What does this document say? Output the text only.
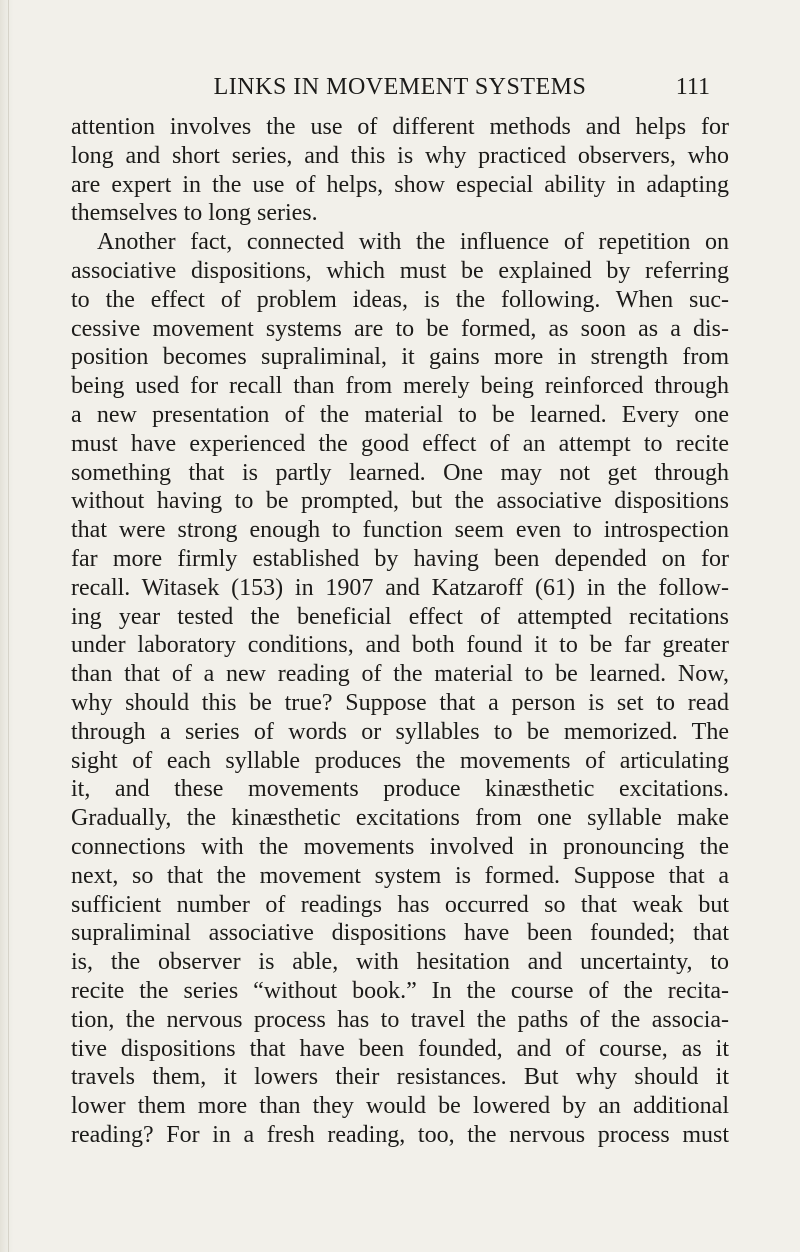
LINKS IN MOVEMENT SYSTEMS	111
attention involves the use of different methods and helps for
long and short series, and this is why practiced observers, who
are expert in the use of helps, show especial ability in adapting
themselves to long series.
Another fact, connected with the influence of repetition on
associative dispositions, which must be explained by referring
to the effect of problem ideas, is the following. When suc-
cessive movement systems are to be formed, as soon as a dis-
position becomes supraliminal, it gains more in strength from
being used for recall than from merely being reinforced through
a new presentation of the material to be learned. Every one
must have experienced the good effect of an attempt to recite
something that is partly learned. One may not get through
without having to be prompted, but the associative dispositions
that were strong enough to function seem even to introspection
far more firmly established by having been depended on for
recall. Witasek (153) in 1907 and Katzaroff (61) in the follow-
ing year tested the beneficial effect of attempted recitations
under laboratory conditions, and both found it to be far greater
than that of a new reading of the material to be learned. Now,
why should this be true? Suppose that a person is set to read
through a series of words or syllables to be memorized. The
sight of each syllable produces the movements of articulating
it, and these movements produce kinæsthetic excitations.
Gradually, the kinæsthetic excitations from one syllable make
connections with the movements involved in pronouncing the
next, so that the movement system is formed. Suppose that a
sufficient number of readings has occurred so that weak but
supraliminal associative dispositions have been founded; that
is, the observer is able, with hesitation and uncertainty, to
recite the series “without book.” In the course of the recita-
tion, the nervous process has to travel the paths of the associa-
tive dispositions that have been founded, and of course, as it
travels them, it lowers their resistances. But why should it
lower them more than they would be lowered by an additional
reading? For in a fresh reading, too, the nervous process must
